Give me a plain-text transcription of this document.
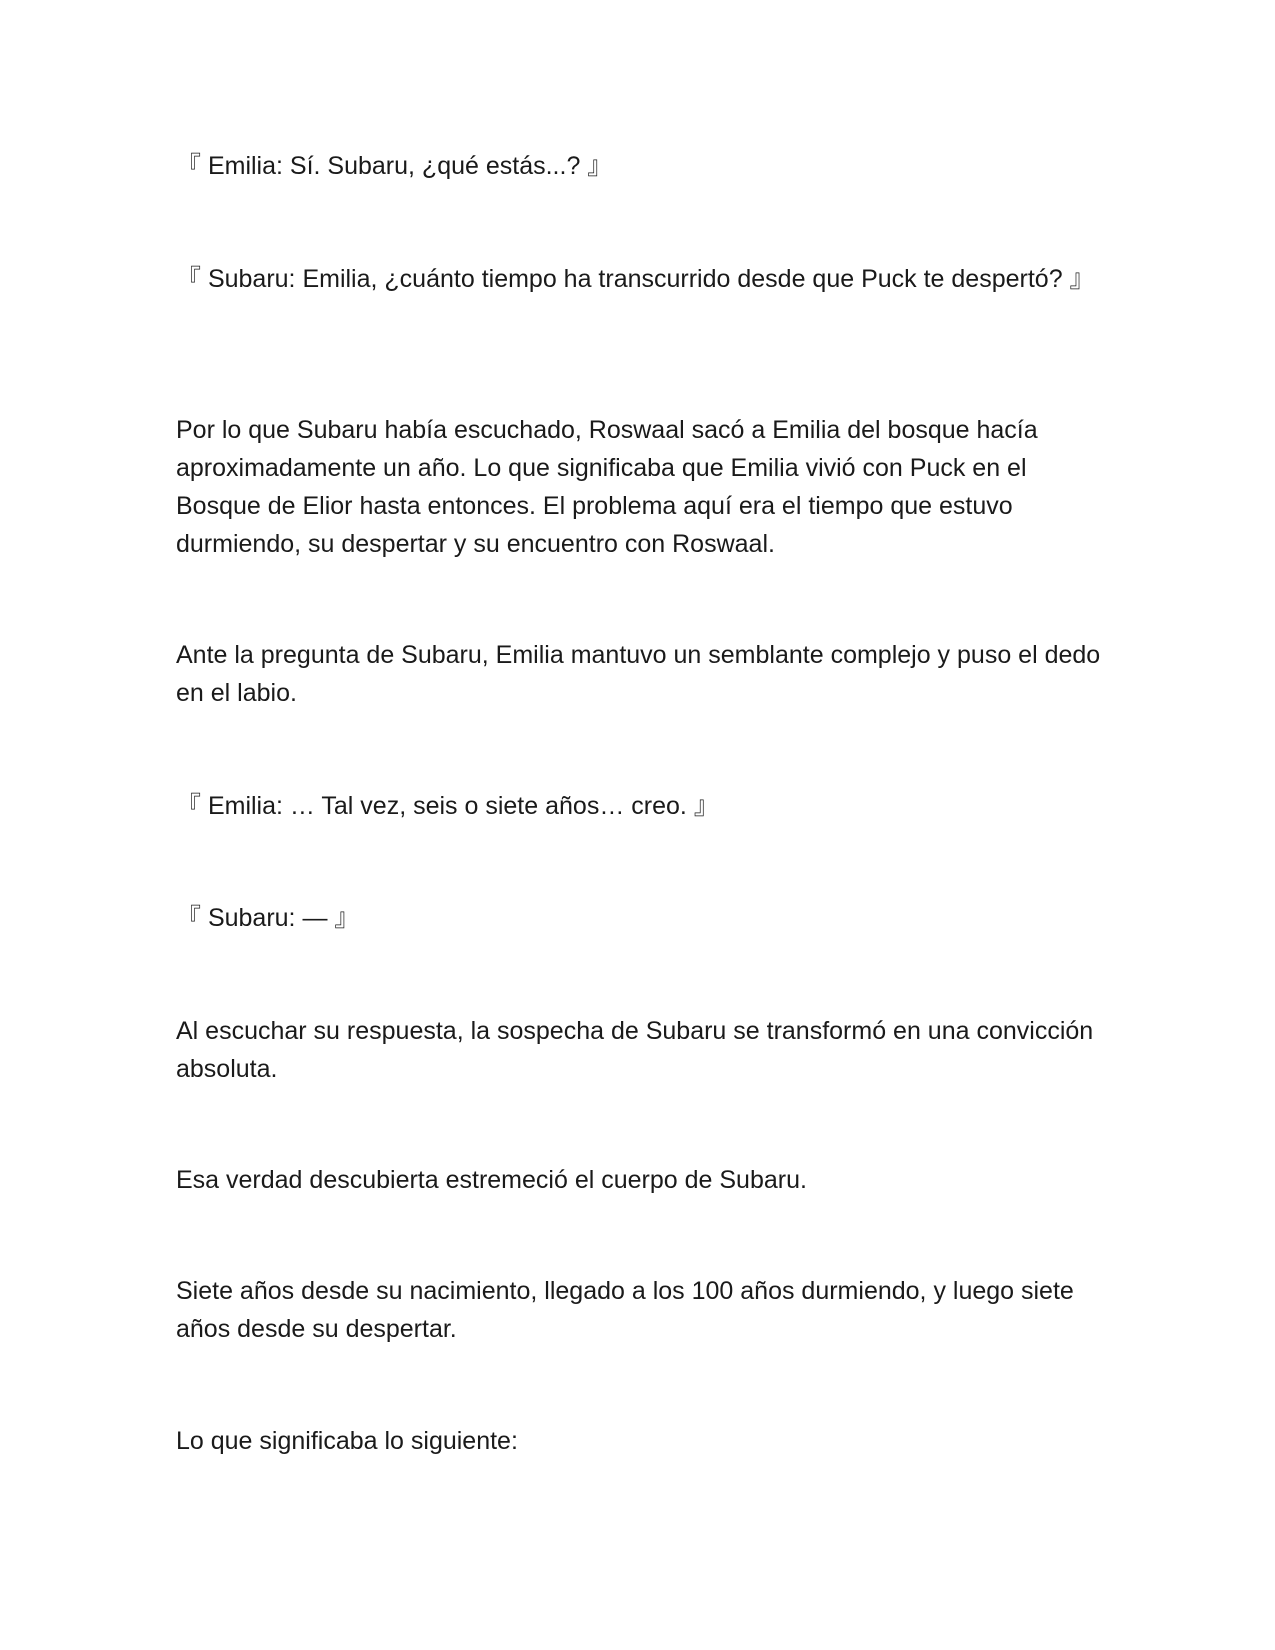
『 Emilia: Sí. Subaru, ¿qué estás...? 』

『 Subaru: Emilia, ¿cuánto tiempo ha transcurrido desde que Puck te despertó? 』

Por lo que Subaru había escuchado, Roswaal sacó a Emilia del bosque hacía aproximadamente un año. Lo que significaba que Emilia vivió con Puck en el Bosque de Elior hasta entonces. El problema aquí era el tiempo que estuvo durmiendo, su despertar y su encuentro con Roswaal.

Ante la pregunta de Subaru, Emilia mantuvo un semblante complejo y puso el dedo en el labio.

『 Emilia: … Tal vez, seis o siete años… creo. 』

『 Subaru: — 』

Al escuchar su respuesta, la sospecha de Subaru se transformó en una convicción absoluta.

Esa verdad descubierta estremeció el cuerpo de Subaru.

Siete años desde su nacimiento, llegado a los 100 años durmiendo, y luego siete años desde su despertar.

Lo que significaba lo siguiente:
